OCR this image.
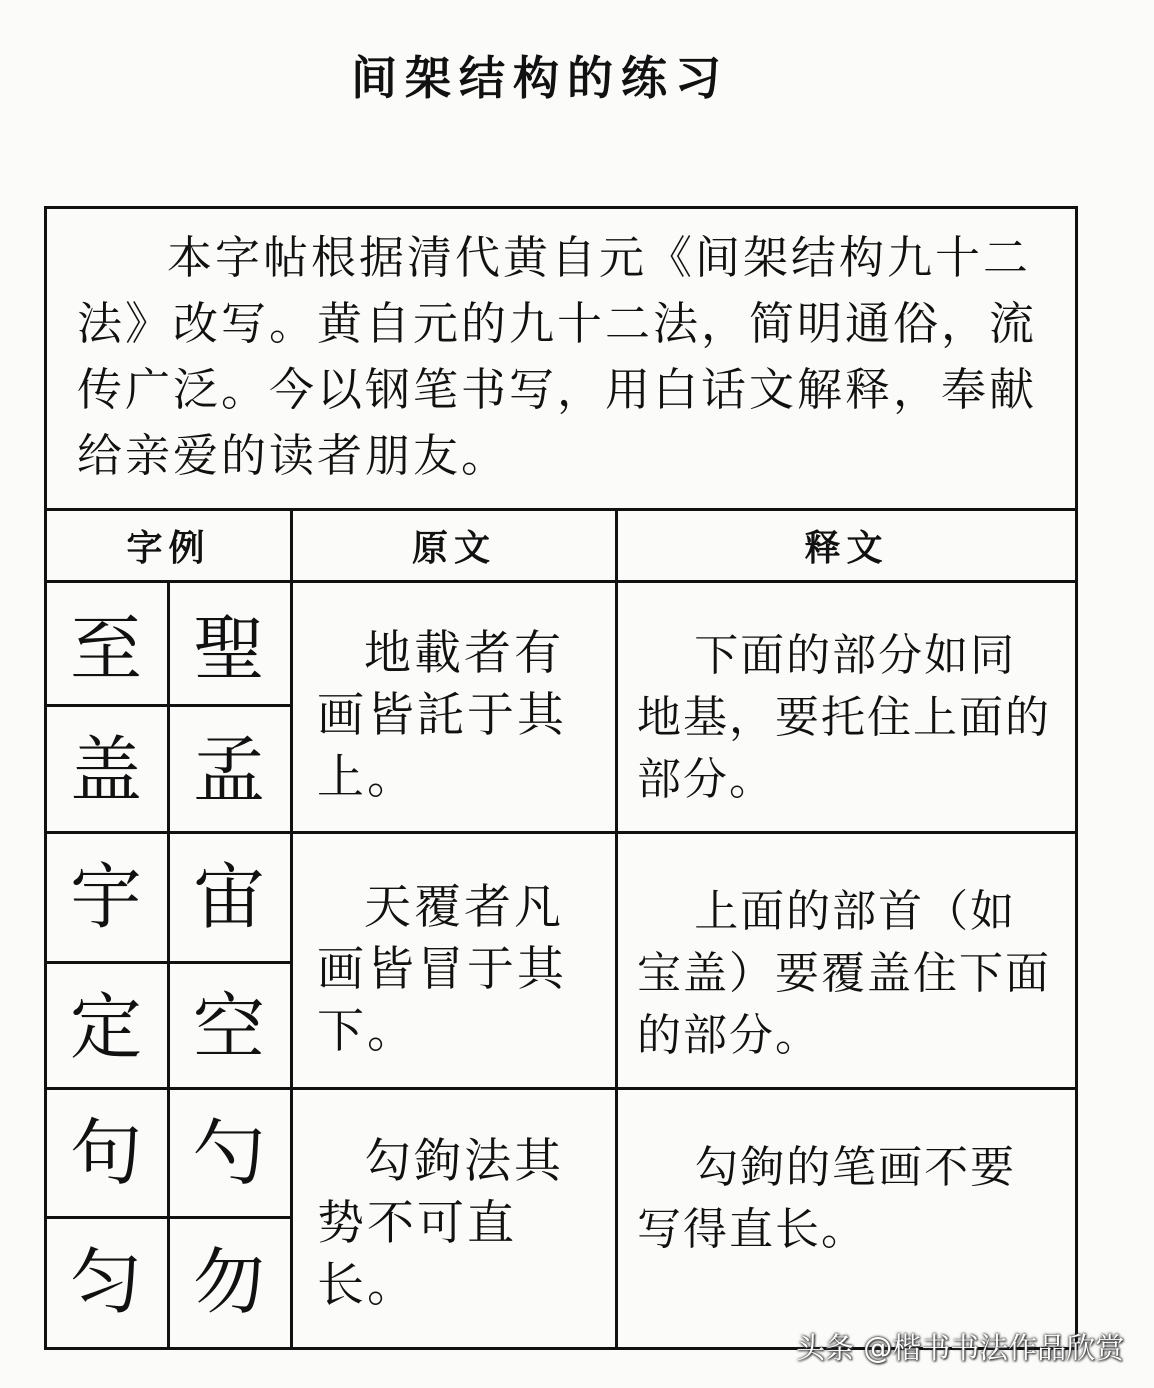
间架结构的练习
本字帖根据清代黄自元《间架结构九十二法》改写。黄自元的九十二法，简明通俗，流传广泛。今以钢笔书写，用白话文解释，奉献给亲爱的读者朋友。
字例	原文	释文
至 聖
盖 孟
地載者有画皆託于其上。
下面的部分如同地基，要托住上面的部分。
宇 宙
定 空
天覆者凡画皆冒于其下。
上面的部首（如宝盖）要覆盖住下面的部分。
句 勺
匀 勿
勾鉤法其势不可直长。
勾鉤的笔画不要写得直长。
头条 @楷书书法作品欣赏
